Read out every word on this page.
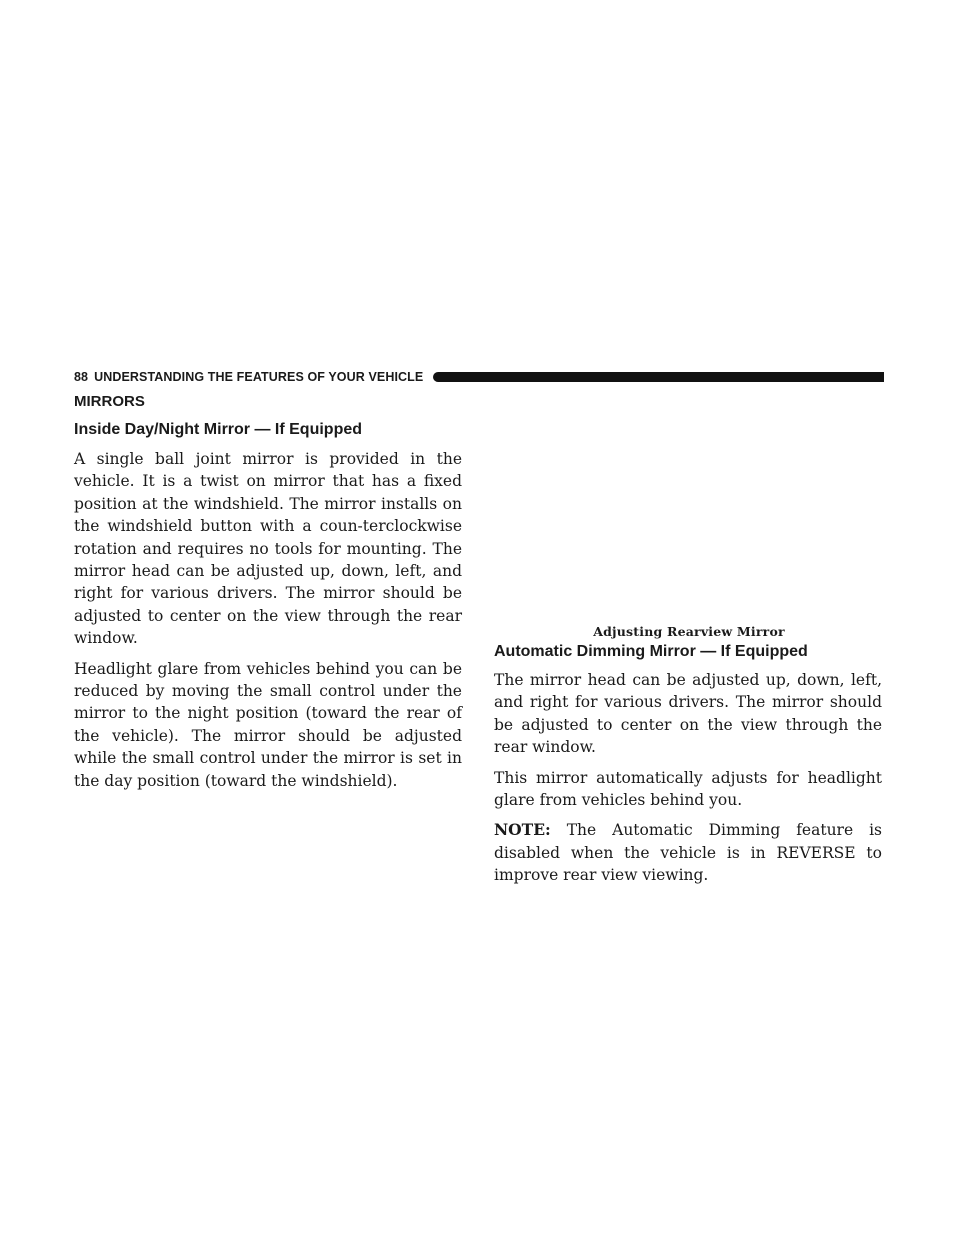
88 UNDERSTANDING THE FEATURES OF YOUR VEHICLE
MIRRORS
Inside Day/Night Mirror — If Equipped

A single ball joint mirror is provided in the vehicle. It is a twist on mirror that has a fixed position at the windshield. The mirror installs on the windshield button with a coun-terclockwise rotation and requires no tools for mounting. The mirror head can be adjusted up, down, left, and right for various drivers. The mirror should be adjusted to center on the view through the rear window.

Headlight glare from vehicles behind you can be reduced by moving the small control under the mirror to the night position (toward the rear of the vehicle). The mirror should be adjusted while the small control under the mirror is set in the day position (toward the windshield).

Adjusting Rearview Mirror
Automatic Dimming Mirror — If Equipped

The mirror head can be adjusted up, down, left, and right for various drivers. The mirror should be adjusted to center on the view through the rear window.

This mirror automatically adjusts for headlight glare from vehicles behind you.

NOTE: The Automatic Dimming feature is disabled when the vehicle is in REVERSE to improve rear view viewing.
